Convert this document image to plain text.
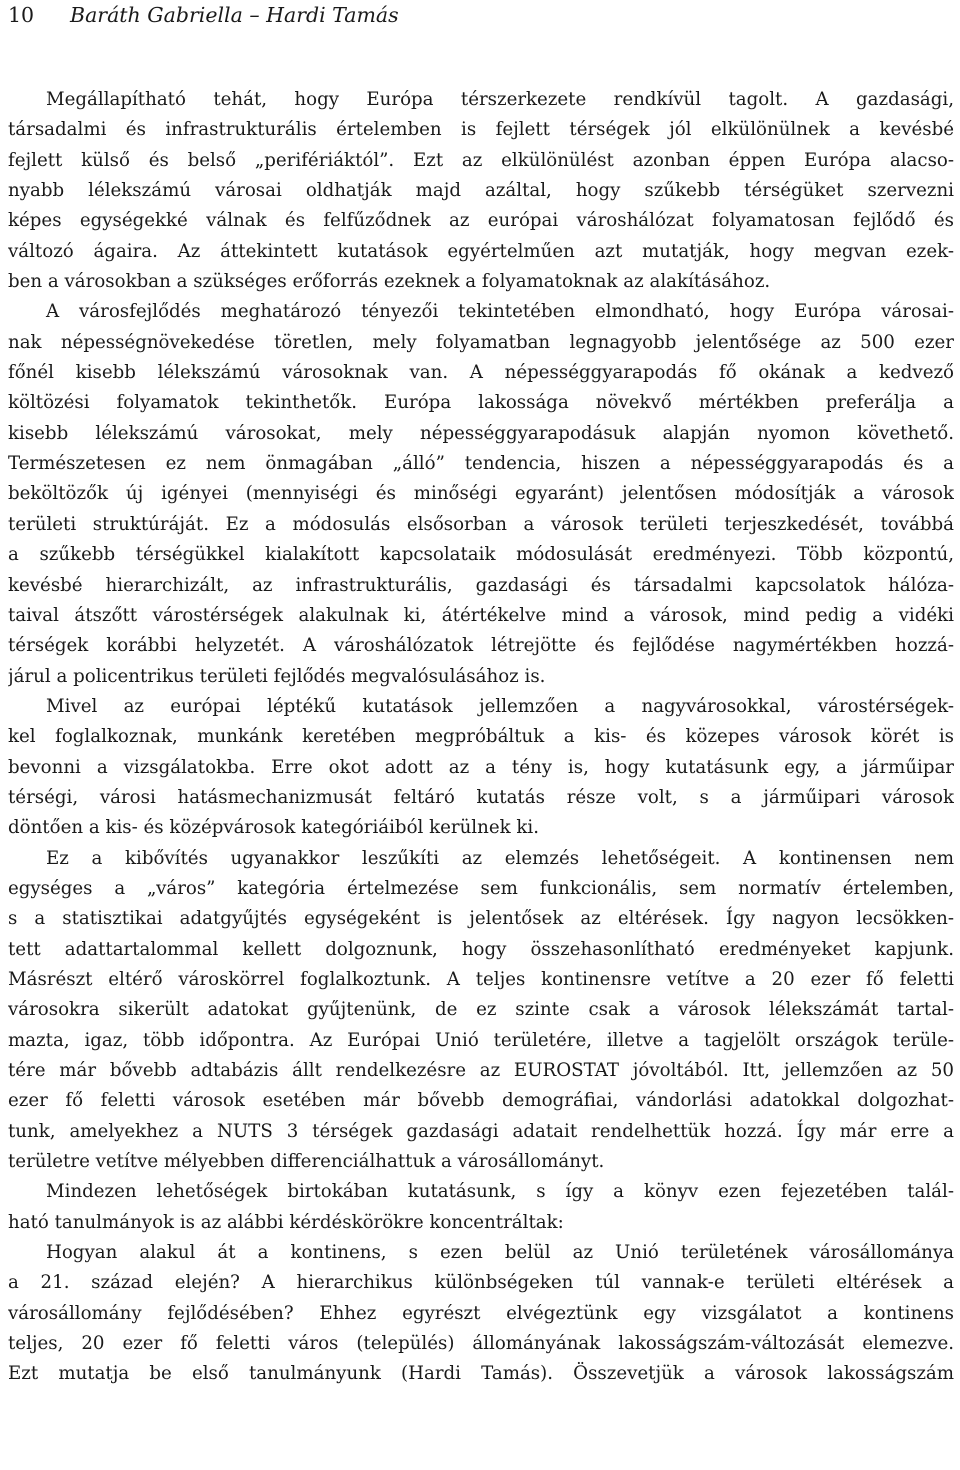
10 Baráth Gabriella – Hardi Tamás
Megállapítható tehát, hogy Európa térszerkezete rendkívül tagolt. A gazdasági,
társadalmi és infrastrukturális értelemben is fejlett térségek jól elkülönülnek a kevésbé
fejlett külső és belső „perifériáktól”. Ezt az elkülönülést azonban éppen Európa alacso-
nyabb lélekszámú városai oldhatják majd azáltal, hogy szűkebb térségüket szervezni
képes egységekké válnak és felfűződnek az európai városhálózat folyamatosan fejlődő és
változó ágaira. Az áttekintett kutatások egyértelműen azt mutatják, hogy megvan ezek-
ben a városokban a szükséges erőforrás ezeknek a folyamatoknak az alakításához.
A városfejlődés meghatározó tényezői tekintetében elmondható, hogy Európa városai-
nak népességnövekedése töretlen, mely folyamatban legnagyobb jelentősége az 500 ezer
főnél kisebb lélekszámú városoknak van. A népességgyarapodás fő okának a kedvező
költözési folyamatok tekinthetők. Európa lakossága növekvő mértékben preferálja a
kisebb lélekszámú városokat, mely népességgyarapodásuk alapján nyomon követhető.
Természetesen ez nem önmagában „álló” tendencia, hiszen a népességgyarapodás és a
beköltözők új igényei (mennyiségi és minőségi egyaránt) jelentősen módosítják a városok
területi struktúráját. Ez a módosulás elsősorban a városok területi terjeszkedését, továbbá
a szűkebb térségükkel kialakított kapcsolataik módosulását eredményezi. Több központú,
kevésbé hierarchizált, az infrastrukturális, gazdasági és társadalmi kapcsolatok hálóza-
taival átszőtt várostérségek alakulnak ki, átértékelve mind a városok, mind pedig a vidéki
térségek korábbi helyzetét. A városhálózatok létrejötte és fejlődése nagymértékben hozzá-
járul a policentrikus területi fejlődés megvalósulásához is.
Mivel az európai léptékű kutatások jellemzően a nagyvárosokkal, várostérségek-
kel foglalkoznak, munkánk keretében megpróbáltuk a kis- és közepes városok körét is
bevonni a vizsgálatokba. Erre okot adott az a tény is, hogy kutatásunk egy, a járműipar
térségi, városi hatásmechanizmusát feltáró kutatás része volt, s a járműipari városok
döntően a kis- és középvárosok kategóriáiból kerülnek ki.
Ez a kibővítés ugyanakkor leszűkíti az elemzés lehetőségeit. A kontinensen nem
egységes a „város” kategória értelmezése sem funkcionális, sem normatív értelemben,
s a statisztikai adatgyűjtés egységeként is jelentősek az eltérések. Így nagyon lecsökken-
tett adattartalommal kellett dolgoznunk, hogy összehasonlítható eredményeket kapjunk.
Másrészt eltérő városkörrel foglalkoztunk. A teljes kontinensre vetítve a 20 ezer fő feletti
városokra sikerült adatokat gyűjtenünk, de ez szinte csak a városok lélekszámát tartal-
mazta, igaz, több időpontra. Az Európai Unió területére, illetve a tagjelölt országok terüle-
tére már bővebb adtabázis állt rendelkezésre az EUROSTAT jóvoltából. Itt, jellemzően az 50
ezer fő feletti városok esetében már bővebb demográfiai, vándorlási adatokkal dolgozhat-
tunk, amelyekhez a NUTS 3 térségek gazdasági adatait rendelhettük hozzá. Így már erre a
területre vetítve mélyebben differenciálhattuk a városállományt.
Mindezen lehetőségek birtokában kutatásunk, s így a könyv ezen fejezetében talál-
ható tanulmányok is az alábbi kérdéskörökre koncentráltak:
Hogyan alakul át a kontinens, s ezen belül az Unió területének városállománya
a 21. század elején? A hierarchikus különbségeken túl vannak-e területi eltérések a
városállomány fejlődésében? Ehhez egyrészt elvégeztünk egy vizsgálatot a kontinens
teljes, 20 ezer fő feletti város (település) állományának lakosságszám-változását elemezve.
Ezt mutatja be első tanulmányunk (Hardi Tamás). Összevetjük a városok lakosságszám
